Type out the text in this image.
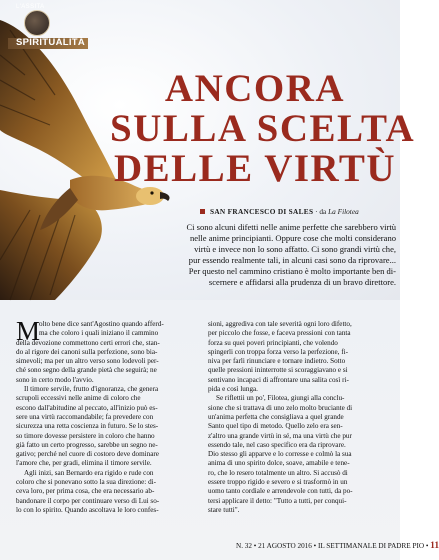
L'ASSITA
SPIRITUALITÀ
ANCORA
SULLA SCELTA
DELLE VIRTÙ
SAN FRANCESCO DI SALES · da La Filotea
Ci sono alcuni difetti nelle anime perfette che sarebbero virtù
nelle anime principianti. Oppure cose che molti considerano
virtù e invece non lo sono affatto. Ci sono grandi virtù che,
pur essendo realmente tali, in alcuni casi sono da riprovare...
Per questo nel cammino cristiano è molto importante ben di-
scernere e affidarsi alla prudenza di un bravo direttore.
M
olto bene dice sant'Agostino quando afferd-
ma che coloro i quali iniziano il cammino
della devozione commettono certi errori che, stan-
do al rigore dei canoni sulla perfezione, sono bia-
simevoli; ma per un altro verso sono lodevoli per-
ché sono segno della grande pietà che seguirà; ne
sono in certo modo l'avvio.
Il timore servile, frutto d'ignoranza, che genera
scrupoli eccessivi nelle anime di coloro che
escono dall'abitudine al peccato, all'inizio può es-
sere una virtù raccomandabile; fa prevedere con
sicurezza una retta coscienza in futuro. Se lo stes-
so timore dovesse persistere in coloro che hanno
già fatto un certo progresso, sarebbe un segno ne-
gativo; perché nel cuore di costoro deve dominare
l'amore che, per gradi, elimina il timore servile.
Agli inizi, san Bernardo era rigido e rude con
coloro che si ponevano sotto la sua direzione: di-
ceva loro, per prima cosa, che era necessario ab-
bandonare il corpo per continuare verso di Lui so-
lo con lo spirito. Quando ascoltava le loro confes-
sioni, aggrediva con tale severità ogni loro difetto,
per piccolo che fosse, e faceva pressioni con tanta
forza su quei poveri principianti, che volendo
spingerli con troppa forza verso la perfezione, fi-
niva per farli rinunciare e tornare indietro. Sotto
quelle pressioni ininterrotte si scoraggiavano e si
sentivano incapaci di affrontare una salita così ri-
pida e così lunga.
Se riflettii un po', Filotea, giungi alla conclu-
sione che si trattava di uno zelo molto bruciante di
un'anima perfetta che consigliava a quel grande
Santo quel tipo di metodo. Quello zelo era sen-
z'altro una grande virtù in sé, ma una virtù che pur
essendo tale, nel caso specifico era da riprovare.
Dio stesso gli apparve e lo corresse e colmò la sua
anima di uno spirito dolce, soave, amabile e tene-
ro, che lo resero totalmente un altro. Si accusò di
essere troppo rigido e severo e si trasformò in un
uomo tanto cordiale e arrendevole con tutti, da po-
tersi applicare il detto: "Tutto a tutti, per conqui-
stare tutti".
N. 32 • 21 AGOSTO 2016 • IL SETTIMANALE DI PADRE PIO • 11
